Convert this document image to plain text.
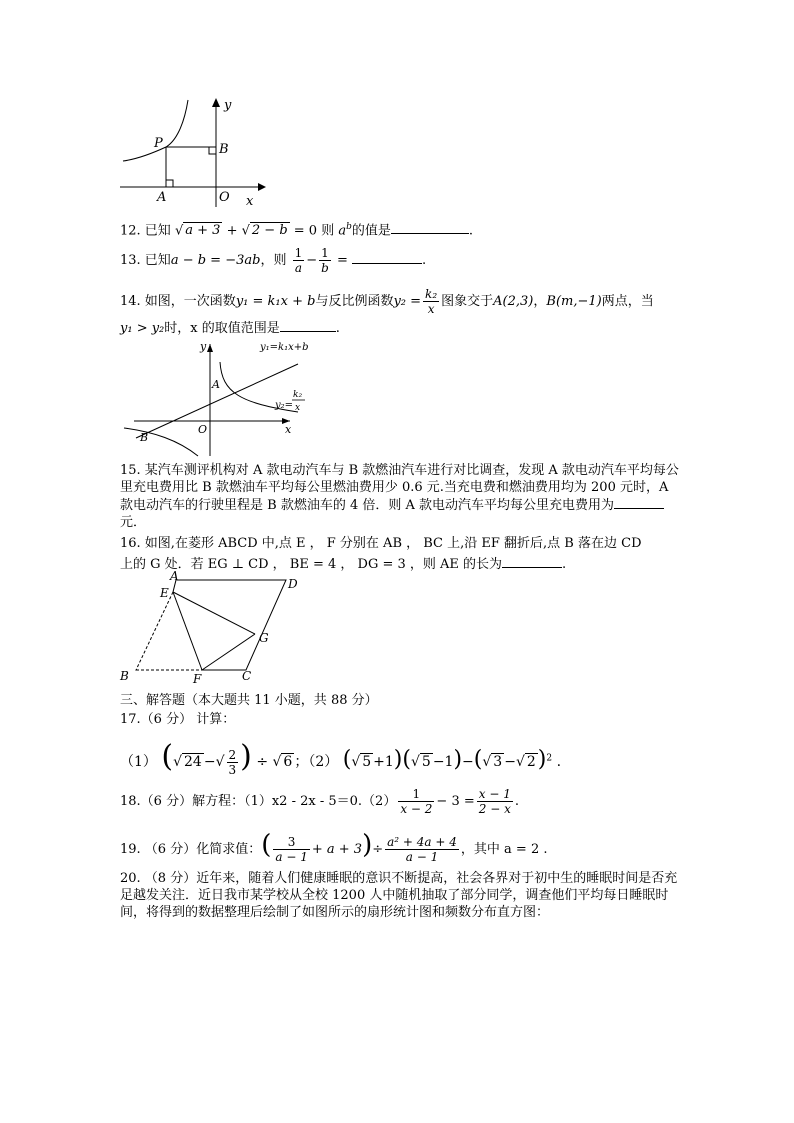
y
P	B
A	O x
12. 已知 √ a + 3 + √ 2 − b = 0 则 $a^b$的值是	.
13. 已知a − b = −3ab，则 $\frac{1}{a} - \frac{1}{b}$ =	.
14. 如图，一次函数y₁ = k₁x + b与反比例函数$y_2 = \frac{\text{k₂}}{x}$ 图象交于A(2,3)，B(m,−1)两点，当
y₁ > y₂时，x 的取值范围是	.
y	y₁=k₁x+b
A
y₂=
k₂
x
O	x
B
15. 某汽车测评机构对 A 款电动汽车与 B 款燃油汽车进行对比调查，发现 A 款电动汽车平均每公里充电费用比 B 款燃油车平均每公里燃油费用少 0.6 元.当充电费和燃油费用均为 200 元时，A 款电动汽车的行驶里程是 B 款燃油车的 4 倍．则 A 款电动汽车平均每公里充电费用为元．
16. 如图,在菱形 ABCD 中,点 E ， F 分别在 AB ， BC 上,沿 EF 翻折后,点 B 落在边 CD
上的 G 处．若 EG ⊥ CD ， BE = 4 ， DG = 3 ，则 AE 的长为	.
A
D
E
G
B	F	C
三、解答题（本大题共 11 小题，共 88 分）
17.（6 分） 计算：
（1） (√ 24 −√ $\frac{2}{3}$ ) ÷ √ 6 ；（2） (√ 5 +1)(√ 5 −1)−(√ 3 −√ 2)$^2$ .
18.（6 分）解方程：$(1)x2 - 2x - 5=0.(2) \frac{1}{x - 2} - 3 = \frac{x - 1}{2 - x}$ .
19. （6 分）化简求值：( $\frac{3}{a - 1} + a + 3)\div \frac{\text{a² + 4a + 4}}{a - 1}$ ，其中 a = 2 .
20. （8 分）近年来，随着人们健康睡眠的意识不断提高，社会各界对于初中生的睡眠时间是否充足越发关注．近日我市某学校从全校 1200 人中随机抽取了部分同学，调查他们平均每日睡眠时间，将得到的数据整理后绘制了如图所示的扇形统计图和频数分布直方图：
